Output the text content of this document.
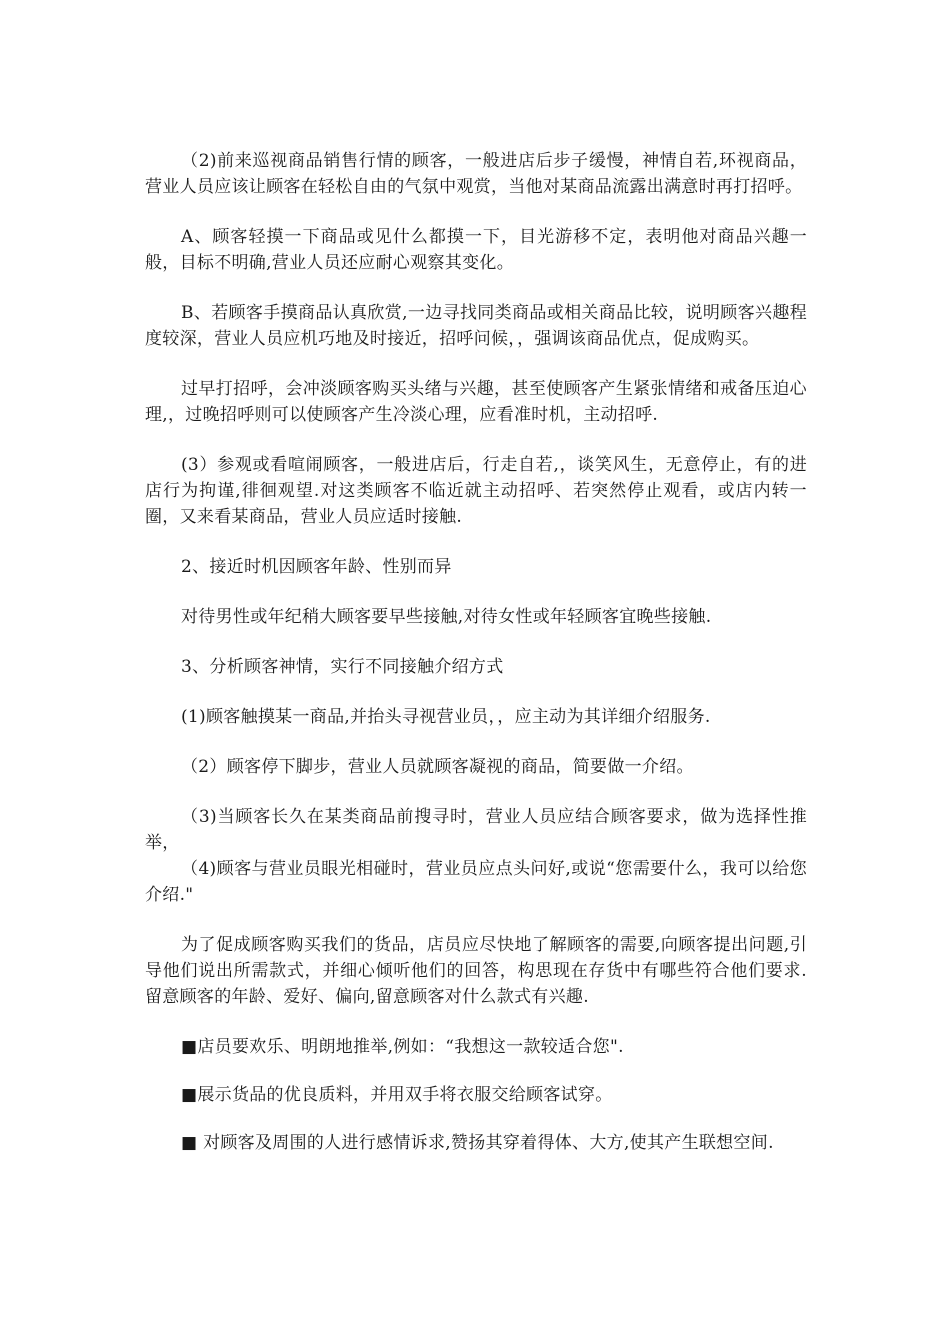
（2)前来巡视商品销售行情的顾客，一般进店后步子缓慢，神情自若,环视商品，营业人员应该让顾客在轻松自由的气氛中观赏，当他对某商品流露出满意时再打招呼。

A、顾客轻摸一下商品或见什么都摸一下，目光游移不定，表明他对商品兴趣一般，目标不明确,营业人员还应耐心观察其变化。

B、若顾客手摸商品认真欣赏,一边寻找同类商品或相关商品比较，说明顾客兴趣程度较深，营业人员应机巧地及时接近，招呼问候，，强调该商品优点，促成购买。

过早打招呼，会冲淡顾客购买头绪与兴趣，甚至使顾客产生紧张情绪和戒备压迫心理,，过晚招呼则可以使顾客产生冷淡心理，应看准时机，主动招呼.

(3）参观或看喧闹顾客，一般进店后，行走自若,，谈笑风生，无意停止，有的进店行为拘谨,徘徊观望.对这类顾客不临近就主动招呼、若突然停止观看，或店内转一圈，又来看某商品，营业人员应适时接触.

2、接近时机因顾客年龄、性别而异

对待男性或年纪稍大顾客要早些接触,对待女性或年轻顾客宜晚些接触.

3、分析顾客神情，实行不同接触介绍方式

(1)顾客触摸某一商品,并抬头寻视营业员，，应主动为其详细介绍服务.

（2）顾客停下脚步，营业人员就顾客凝视的商品，简要做一介绍。

（3)当顾客长久在某类商品前搜寻时，营业人员应结合顾客要求，做为选择性推举，

（4)顾客与营业员眼光相碰时，营业员应点头问好,或说“您需要什么，我可以给您介绍."

为了促成顾客购买我们的货品，店员应尽快地了解顾客的需要,向顾客提出问题,引导他们说出所需款式，并细心倾听他们的回答，构思现在存货中有哪些符合他们要求.留意顾客的年龄、爱好、偏向,留意顾客对什么款式有兴趣.

■店员要欢乐、明朗地推举,例如：“我想这一款较适合您".

■展示货品的优良质料，并用双手将衣服交给顾客试穿。

■ 对顾客及周围的人进行感情诉求,赞扬其穿着得体、大方,使其产生联想空间.
